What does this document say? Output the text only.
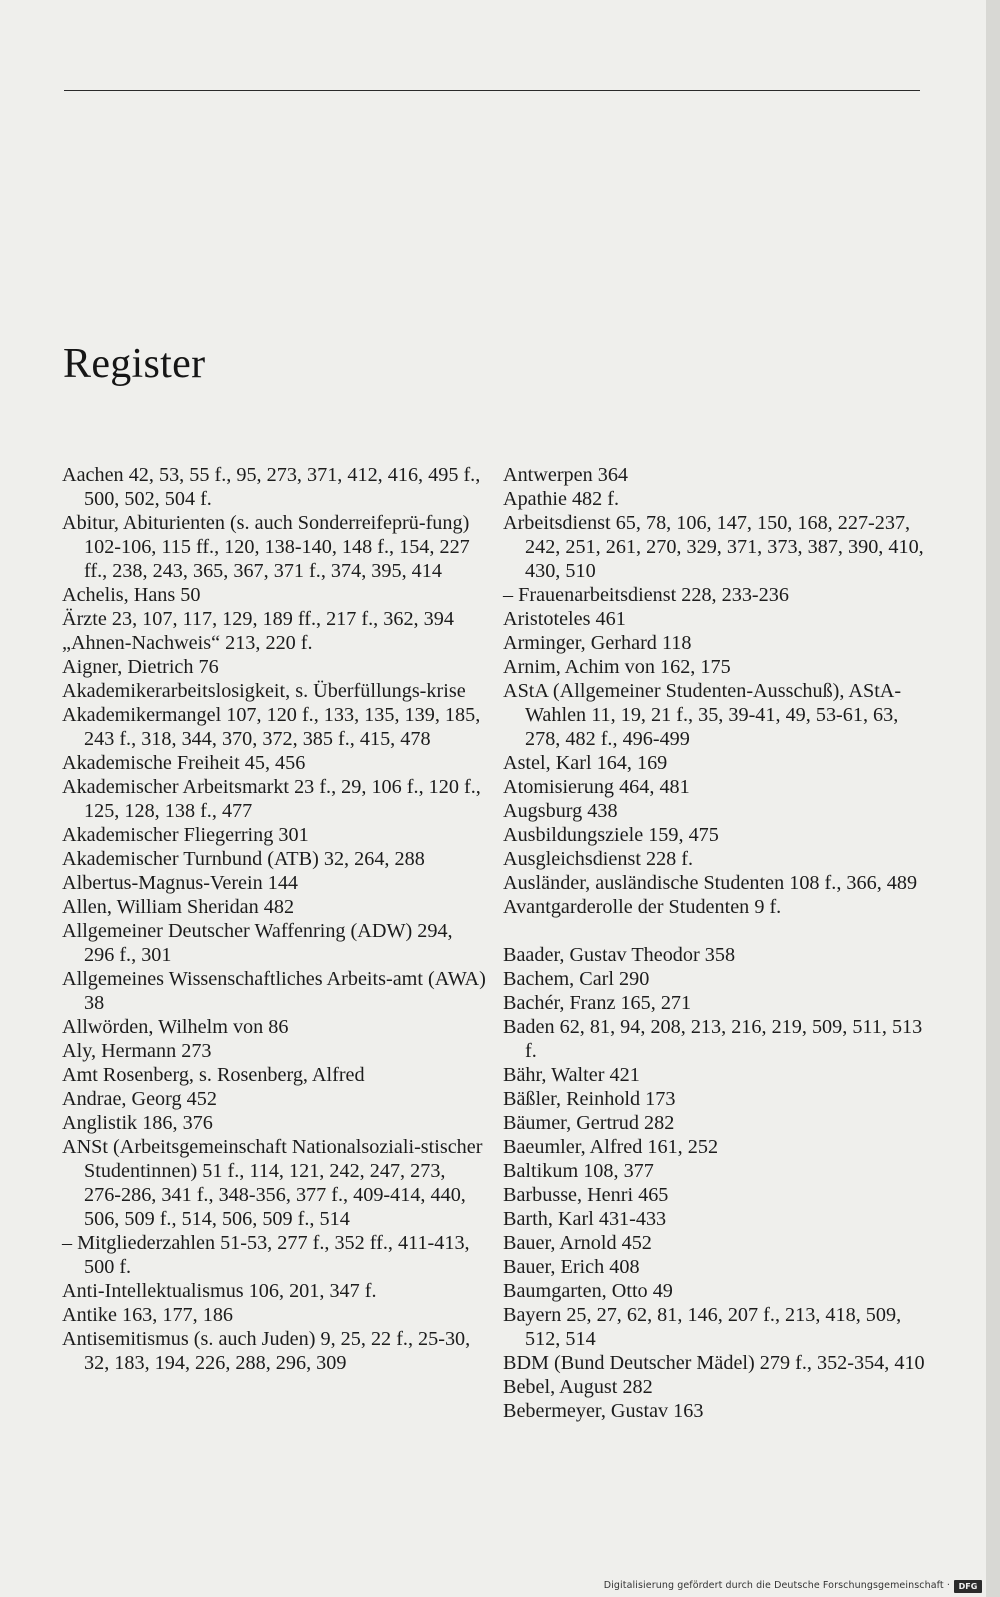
Register
Aachen 42, 53, 55 f., 95, 273, 371, 412, 416, 495 f., 500, 502, 504 f.
Abitur, Abiturienten (s. auch Sonderreifeprü-fung) 102-106, 115 ff., 120, 138-140, 148 f., 154, 227 ff., 238, 243, 365, 367, 371 f., 374, 395, 414
Achelis, Hans 50
Ärzte 23, 107, 117, 129, 189 ff., 217 f., 362, 394
„Ahnen-Nachweis“ 213, 220 f.
Aigner, Dietrich 76
Akademikerarbeitslosigkeit, s. Überfüllungs-krise
Akademikermangel 107, 120 f., 133, 135, 139, 185, 243 f., 318, 344, 370, 372, 385 f., 415, 478
Akademische Freiheit 45, 456
Akademischer Arbeitsmarkt 23 f., 29, 106 f., 120 f., 125, 128, 138 f., 477
Akademischer Fliegerring 301
Akademischer Turnbund (ATB) 32, 264, 288
Albertus-Magnus-Verein 144
Allen, William Sheridan 482
Allgemeiner Deutscher Waffenring (ADW) 294, 296 f., 301
Allgemeines Wissenschaftliches Arbeits-amt (AWA) 38
Allwörden, Wilhelm von 86
Aly, Hermann 273
Amt Rosenberg, s. Rosenberg, Alfred
Andrae, Georg 452
Anglistik 186, 376
ANSt (Arbeitsgemeinschaft Nationalsoziali-stischer Studentinnen) 51 f., 114, 121, 242, 247, 273, 276-286, 341 f., 348-356, 377 f., 409-414, 440, 506, 509 f., 514, 506, 509 f., 514
– Mitgliederzahlen 51-53, 277 f., 352 ff., 411-413, 500 f.
Anti-Intellektualismus 106, 201, 347 f.
Antike 163, 177, 186
Antisemitismus (s. auch Juden) 9, 25, 22 f., 25-30, 32, 183, 194, 226, 288, 296, 309
Antwerpen 364
Apathie 482 f.
Arbeitsdienst 65, 78, 106, 147, 150, 168, 227-237, 242, 251, 261, 270, 329, 371, 373, 387, 390, 410, 430, 510
– Frauenarbeitsdienst 228, 233-236
Aristoteles 461
Arminger, Gerhard 118
Arnim, Achim von 162, 175
AStA (Allgemeiner Studenten-Ausschuß), AStA-Wahlen 11, 19, 21 f., 35, 39-41, 49, 53-61, 63, 278, 482 f., 496-499
Astel, Karl 164, 169
Atomisierung 464, 481
Augsburg 438
Ausbildungsziele 159, 475
Ausgleichsdienst 228 f.
Ausländer, ausländische Studenten 108 f., 366, 489
Avantgarderolle der Studenten 9 f.
Baader, Gustav Theodor 358
Bachem, Carl 290
Bachér, Franz 165, 271
Baden 62, 81, 94, 208, 213, 216, 219, 509, 511, 513 f.
Bähr, Walter 421
Bäßler, Reinhold 173
Bäumer, Gertrud 282
Baeumler, Alfred 161, 252
Baltikum 108, 377
Barbusse, Henri 465
Barth, Karl 431-433
Bauer, Arnold 452
Bauer, Erich 408
Baumgarten, Otto 49
Bayern 25, 27, 62, 81, 146, 207 f., 213, 418, 509, 512, 514
BDM (Bund Deutscher Mädel) 279 f., 352-354, 410
Bebel, August 282
Bebermeyer, Gustav 163
Digitalisierung gefördert durch die Deutsche Forschungsgemeinschaft ·	DFG
